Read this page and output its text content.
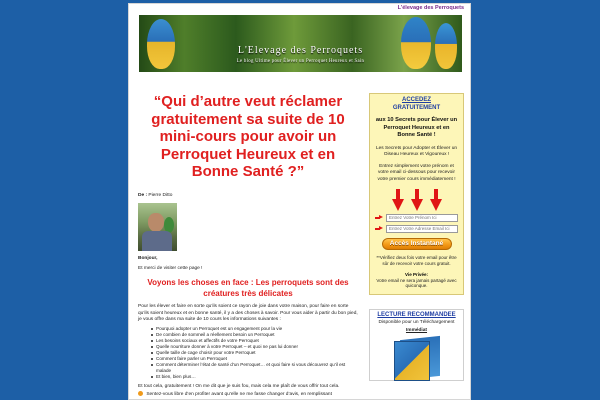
L'élevage des Perroquets
L'Elevage des Perroquets
Le blog Ultime pour Élever un Perroquet Heureux et Sain
“Qui d’autre veut réclamer gratuitement sa suite de 10 mini-cours pour avoir un Perroquet Heureux et en Bonne Santé ?”
De : Pierre Ditto
Bonjour,
Et merci de visiter cette page !
Voyons les choses en face : Les perroquets sont des créatures très délicates
Pour les élever et faire en sorte qu’ils soient ce rayon de joie dans votre maison, pour faire en sorte qu’ils soient heureux et en bonne santé, il y a des choses à savoir. Pour vous aider à partir du bon pied, je vous offre dans ma suite de 10 cours les informations suivantes :
Pourquoi adopter un Perroquet est un engagement pour la vie
De combien de sommeil a réellement besoin un Perroquet
Les besoins sociaux et affectifs de votre Perroquet
Quelle nourriture donner à votre Perroquet – et quoi ne pas lui donner
Quelle taille de cage choisir pour votre Perroquet
Comment faire parler un Perroquet
Comment déterminer l’état de santé d’un Perroquet… et quoi faire si vous découvrez qu’il est malade
Et bien, bien plus…
Et tout cela, gratuitement ! On me dit que je suis fou, mais cela me plaît de vous offrir tout cela.
Sentez-vous libre d’en profiter avant qu’elle ne me fasse changer d’avis, en remplissant
ACCEDEZ
GRATUITEMENT
aux 10 Secrets pour Élever un Perroquet Heureux et en Bonne Santé !
Les Secrets pour Adopter et Élever un Oiseau Heureux et Vigoureux !
Entrez simplement votre prénom et votre email ci-dessous pour recevoir votre premier cours immédiatement !
Entrez Votre Prénom Ici
Entrez Votre Adresse Email Ici
Accès Instantané
**Vérifiez deux fois votre email pour être sûr de recevoir votre cours gratuit.
Vie Privée:
Votre email ne sera jamais partagé avec quiconque.
LECTURE RECOMMANDEE
Disponible pour un Téléchargement
Immédiat
